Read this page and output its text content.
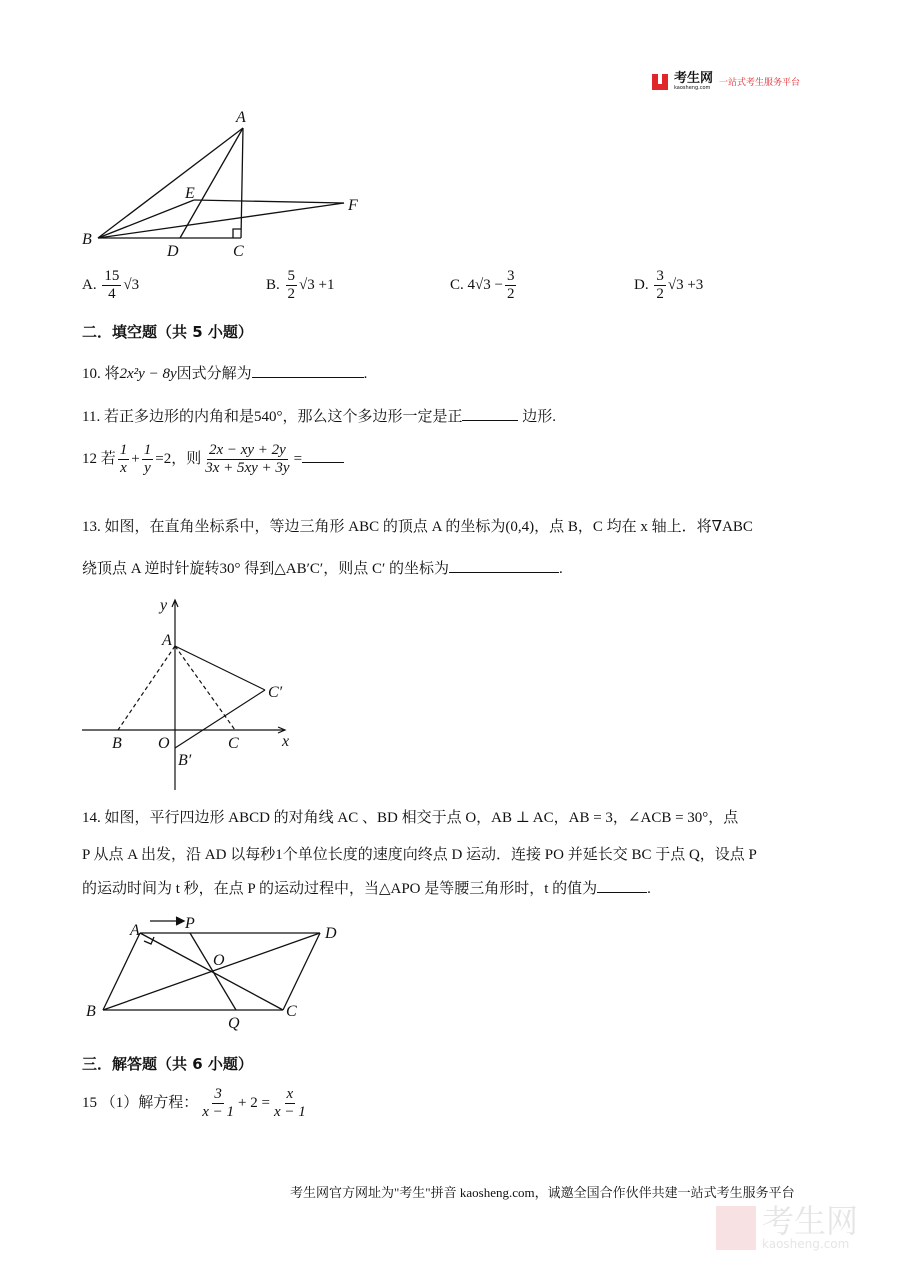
考生网
kaosheng.com 一站式考生服务平台
A
B
C
D
E
F
y
A
C′
B O	C	x
B′
A	P
D
O
B
Q
C
A. $\frac{15}{4} √3$	B. $\frac{5}{2} √3 +1$	C. $4√3 - \frac{3}{2}$	D. $\frac{3}{2} √3 +3$
二．填空题（共 5 小题）
10. 将2x²y − 8y因式分解为	.
11. 若正多边形的内角和是540°，那么这个多边形一定是正	边形.
12 若 $\frac{1}{x} + \frac{1}{y} =2$，则 $\frac{2x - xy + 2y}{3x + 5xy + 3y}$ =
13. 如图，在直角坐标系中，等边三角形 ABC 的顶点 A 的坐标为(0,4)，点 B，C 均在 x 轴上．将∇ABC
绕顶点 A 逆时针旋转30° 得到△AB′C′，则点 C′ 的坐标为	.
14. 如图，平行四边形 ABCD 的对角线 AC 、BD 相交于点 O，AB ⊥ AC，AB = 3，∠ACB = 30°，点
P 从点 A 出发，沿 AD 以每秒1个单位长度的速度向终点 D 运动．连接 PO 并延长交 BC 于点 Q，设点 P
的运动时间为 t 秒，在点 P 的运动过程中，当△APO 是等腰三角形时，t 的值为	.
三．解答题（共 6 小题）
15 （1）解方程： $\frac{3}{x - 1} + 2 = \frac{x}{x - 1}$
考生网官方网址为"考生"拼音 kaosheng.com，诚邀全国合作伙伴共建一站式考生服务平台
考生网
kaosheng.com
